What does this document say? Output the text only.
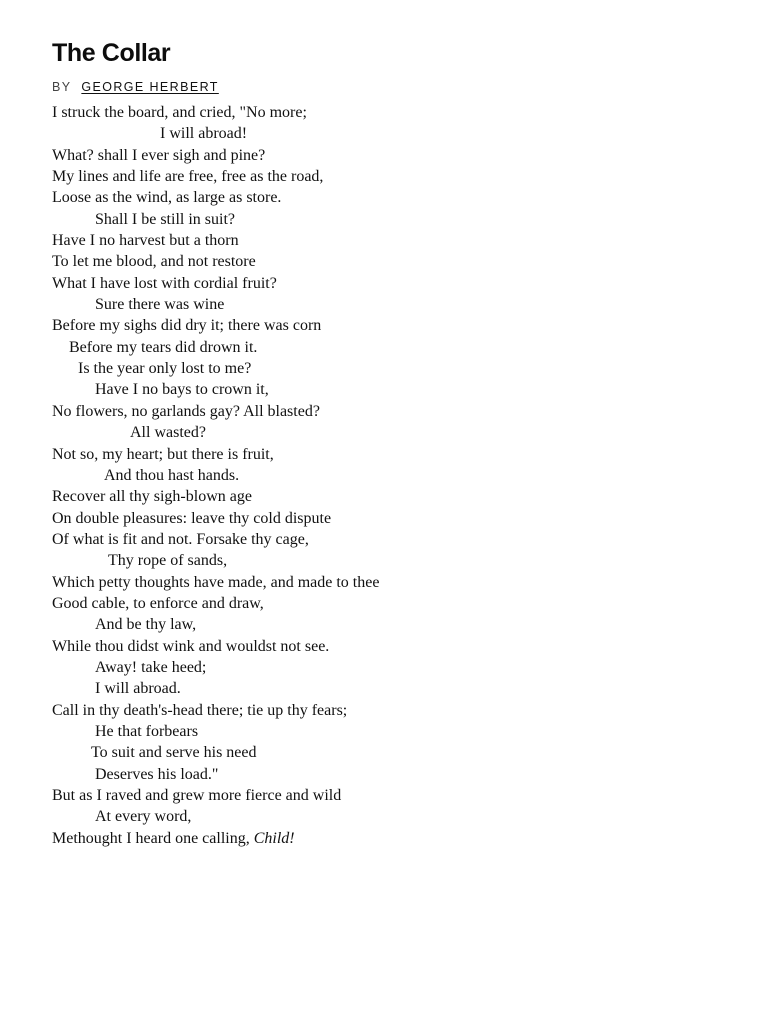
The Collar
BY GEORGE HERBERT
I struck the board, and cried, "No more;
I will abroad!
What? shall I ever sigh and pine?
My lines and life are free, free as the road,
Loose as the wind, as large as store.
Shall I be still in suit?
Have I no harvest but a thorn
To let me blood, and not restore
What I have lost with cordial fruit?
Sure there was wine
Before my sighs did dry it; there was corn
Before my tears did drown it.
Is the year only lost to me?
Have I no bays to crown it,
No flowers, no garlands gay? All blasted?
All wasted?
Not so, my heart; but there is fruit,
And thou hast hands.
Recover all thy sigh-blown age
On double pleasures: leave thy cold dispute
Of what is fit and not. Forsake thy cage,
Thy rope of sands,
Which petty thoughts have made, and made to thee
Good cable, to enforce and draw,
And be thy law,
While thou didst wink and wouldst not see.
Away! take heed;
I will abroad.
Call in thy death's-head there; tie up thy fears;
He that forbears
To suit and serve his need
Deserves his load."
But as I raved and grew more fierce and wild
At every word,
Methought I heard one calling, Child!
